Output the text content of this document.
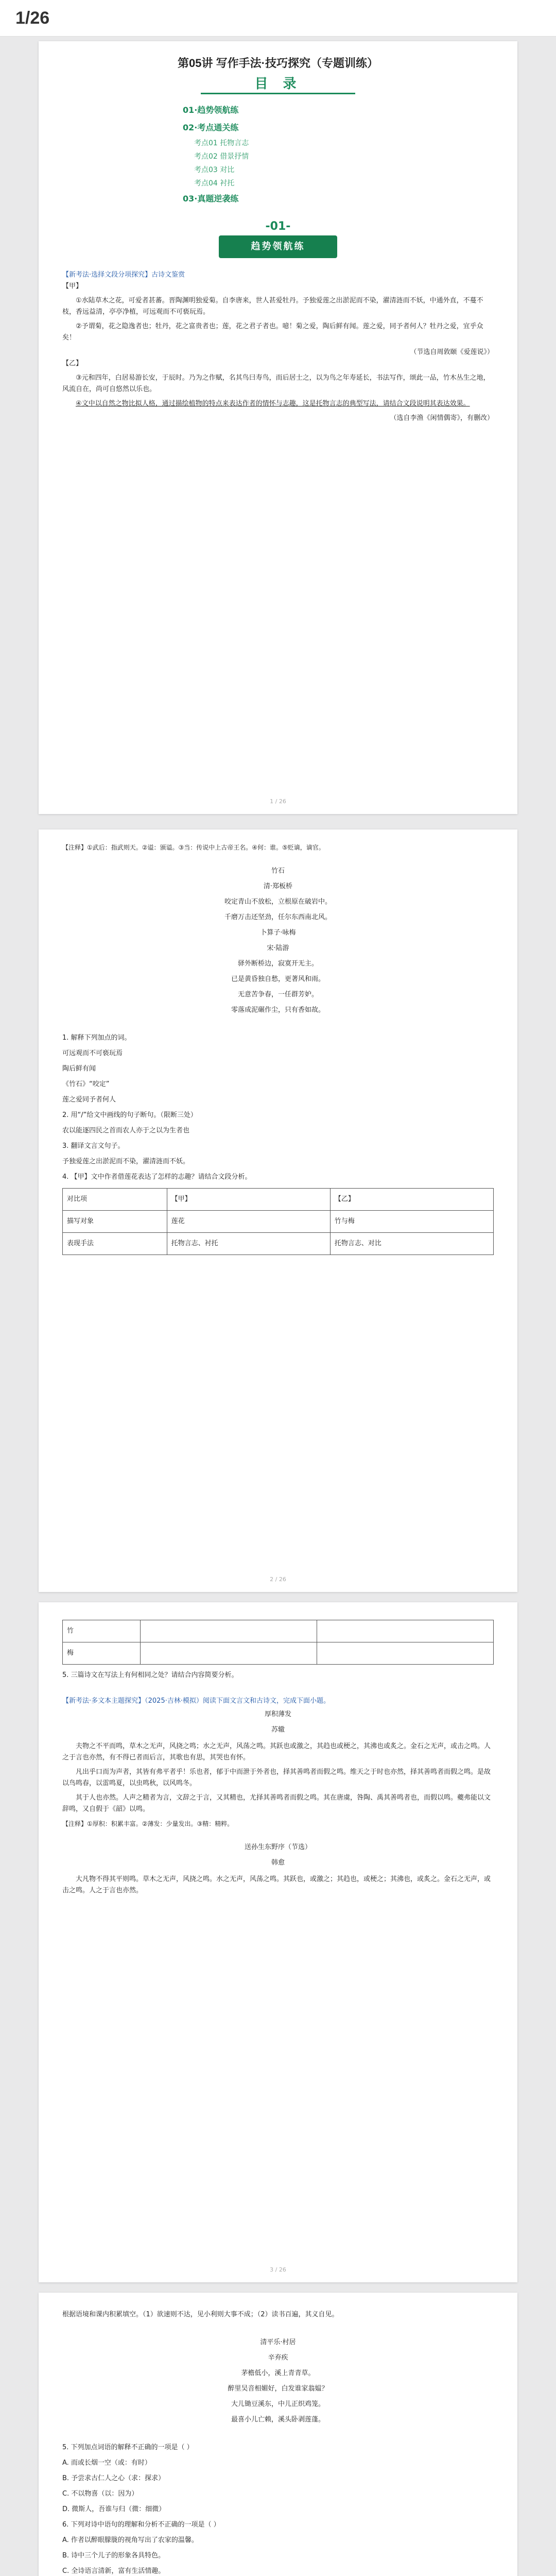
1/26
第05讲 写作手法·技巧探究（专题训练）
目 录
01·趋势领航练
02·考点通关练
考点01 托物言志
考点02 借景抒情
考点03 对比
考点04 衬托
03·真题逆袭练
-01-
趋势领航练
【新考法·选择文段分项探究】古诗文鉴赏
【甲】
①水陆草木之花，可爱者甚蕃。晋陶渊明独爱菊。自李唐来，世人甚爱牡丹。予独爱莲之出淤泥而不染，濯清涟而不妖，中通外直，不蔓不枝，香远益清，亭亭净植，可远观而不可亵玩焉。
②予谓菊，花之隐逸者也；牡丹，花之富贵者也；莲，花之君子者也。噫！菊之爱，陶后鲜有闻。莲之爱，同予者何人？牡丹之爱，宜乎众矣！
（节选自周敦颐《爱莲说》）
【乙】
③元和四年，白居易游长安，于辰时。乃为之作赋，名其鸟曰寿鸟，而后居士之，以为鸟之年寿延长，书法写作，颂此一品，竹木丛生之地，风流自在，尚可自悠然以乐也。
④文中以自然之物比拟人格，通过描绘植物的特点来表达作者的情怀与志趣，这是托物言志的典型写法，请结合文段说明其表达效果。
（选自李渔《闲情偶寄》，有删改）
1 / 26
【注释】①武后：指武则天。②谥：颁谥。③当：传说中上古帝王名。④何：谁。⑤贬谪，谪官。
竹石
清·郑板桥
咬定青山不放松，立根原在破岩中。
千磨万击还坚劲，任尔东西南北风。
卜算子·咏梅
宋·陆游
驿外断桥边，寂寞开无主。
已是黄昏独自愁，更著风和雨。
无意苦争春，一任群芳妒。
零落成泥碾作尘，只有香如故。
1. 解释下列加点的词。
可远观而不可亵玩焉
陶后鲜有闻
《竹石》“咬定”
莲之爱同予者何人
2. 用“/”给文中画线的句子断句。（限断三处）
农以能逐四民之首而农人亦于之以为生者也
3. 翻译文言文句子。
予独爱莲之出淤泥而不染，濯清涟而不妖。
4. 【甲】文中作者借莲花表达了怎样的志趣？请结合文段分析。
对比项	【甲】	【乙】
描写对象	莲花	竹与梅
表现手法	托物言志、衬托	托物言志、对比
2 / 26
竹		
梅		
5. 三篇诗文在写法上有何相同之处？请结合内容简要分析。
【新考法·多文本主题探究】（2025·吉林·模拟）阅读下面文言文和古诗文，完成下面小题。
厚积薄发
苏辙
夫物之不平而鸣，草木之无声，风挠之鸣；水之无声，风荡之鸣。其跃也或激之，其趋也或梗之，其沸也或炙之。金石之无声，或击之鸣。人之于言也亦然，有不得已者而后言，其歌也有思，其哭也有怀。
凡出乎口而为声者，其皆有弗平者乎！乐也者，郁于中而泄于外者也，择其善鸣者而假之鸣。维天之于时也亦然，择其善鸣者而假之鸣。是故以鸟鸣春，以雷鸣夏，以虫鸣秋，以风鸣冬。
其于人也亦然。人声之精者为言，文辞之于言，又其精也，尤择其善鸣者而假之鸣。其在唐虞，咎陶、禹其善鸣者也，而假以鸣。夔弗能以文辞鸣，又自假于《韶》以鸣。
【注释】①厚积：积累丰富。②薄发：少量发出。③精：精粹。
送孙生东野序（节选）
韩愈
大凡物不得其平则鸣。草木之无声，风挠之鸣。水之无声，风荡之鸣。其跃也，或激之；其趋也，或梗之；其沸也，或炙之。金石之无声，或击之鸣。人之于言也亦然。
3 / 26
根据语境和课内积累填空。（1）欲速则不达，见小利则大事不成；（2）读书百遍，其义自见。
清平乐·村居
辛弃疾
茅檐低小，溪上青青草。
醉里吴音相媚好，白发谁家翁媪？
大儿锄豆溪东，中儿正织鸡笼。
最喜小儿亡赖，溪头卧剥莲蓬。
5. 下列加点词语的解释不正确的一项是（ ）
A. 而或长烟一空（或：有时）
B. 予尝求古仁人之心（求：探求）
C. 不以物喜（以：因为）
D. 微斯人，吾谁与归（微：细微）
6. 下列对诗中语句的理解和分析不正确的一项是（ ）
A. 作者以醉眼朦胧的视角写出了农家的温馨。
B. 诗中三个儿子的形象各具特色。
C. 全诗语言清新，富有生活情趣。
